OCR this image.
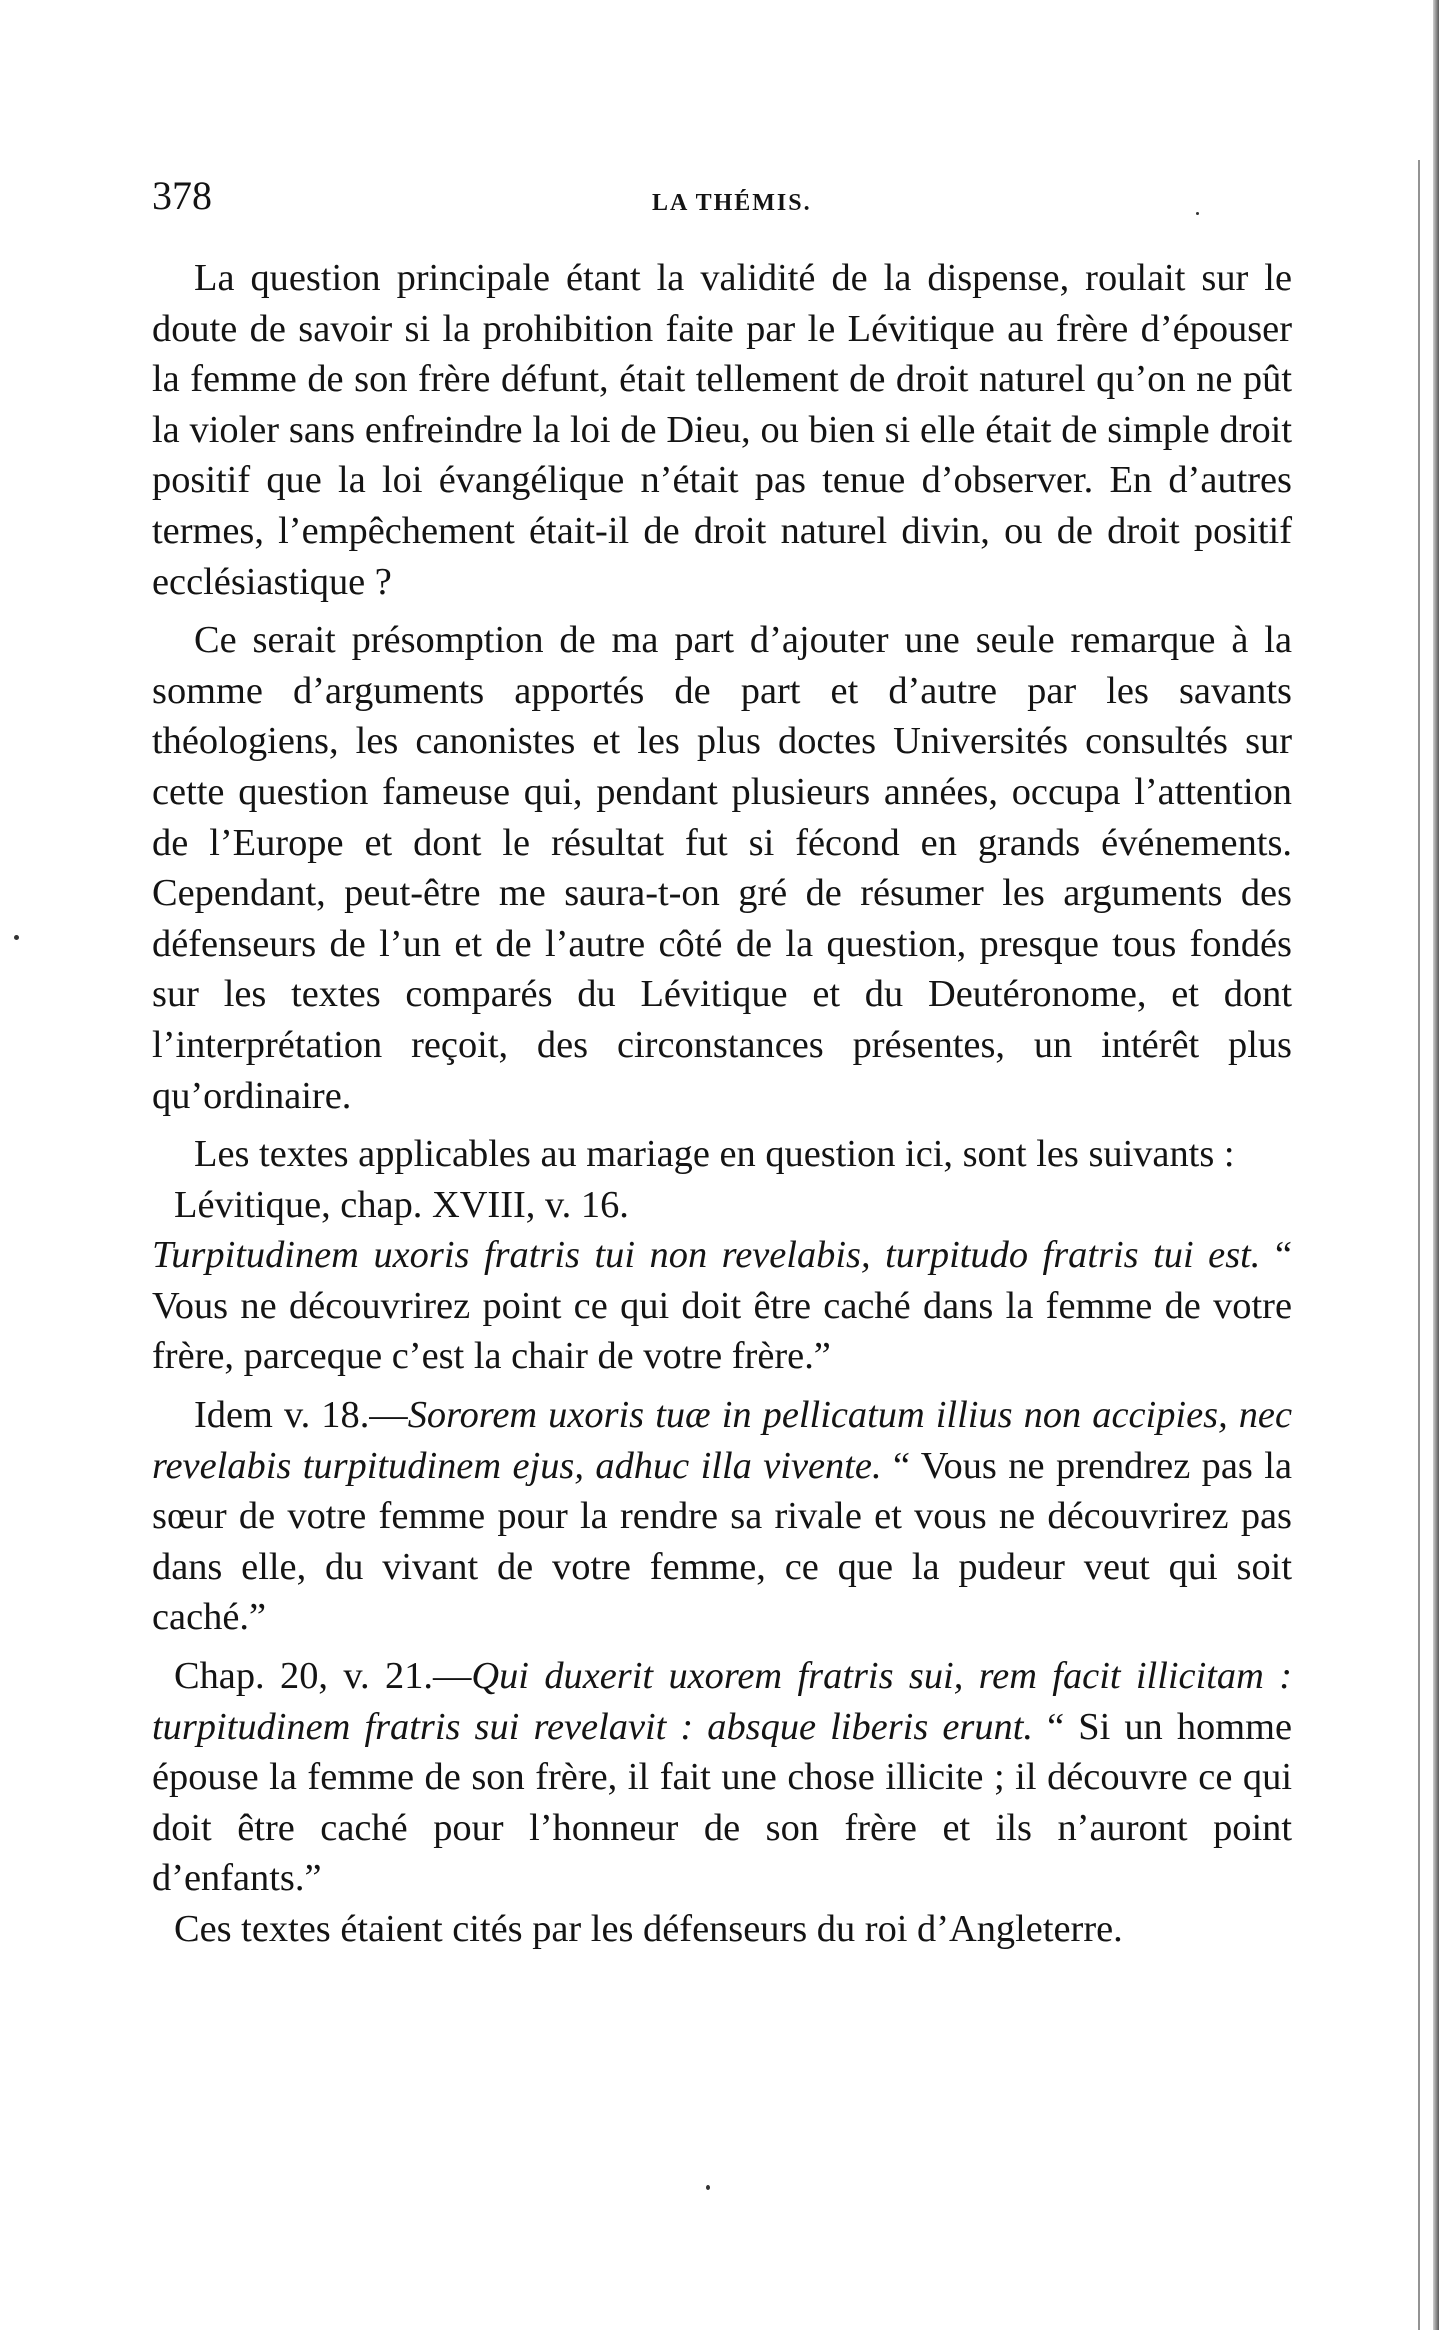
378	LA THÉMIS.

La question principale étant la validité de la dispense, roulait sur le doute de savoir si la prohibition faite par le Lévitique au frère d’épouser la femme de son frère défunt, était tellement de droit naturel qu’on ne pût la violer sans enfreindre la loi de Dieu, ou bien si elle était de simple droit positif que la loi évangélique n’était pas tenue d’observer. En d’autres termes, l’empêchement était-il de droit naturel divin, ou de droit positif ecclésiastique ?

Ce serait présomption de ma part d’ajouter une seule remarque à la somme d’arguments apportés de part et d’autre par les savants théologiens, les canonistes et les plus doctes Universités consultés sur cette question fameuse qui, pendant plusieurs années, occupa l’attention de l’Europe et dont le résultat fut si fécond en grands événements. Cependant, peut-être me saura-t-on gré de résumer les arguments des défenseurs de l’un et de l’autre côté de la question, presque tous fondés sur les textes comparés du Lévitique et du Deutéronome, et dont l’interprétation reçoit, des circonstances présentes, un intérêt plus qu’ordinaire.

Les textes applicables au mariage en question ici, sont les suivants :

Lévitique, chap. XVIII, v. 16.

Turpitudinem uxoris fratris tui non revelabis, turpitudo fratris tui est. “ Vous ne découvrirez point ce qui doit être caché dans la femme de votre frère, parceque c’est la chair de votre frère.”

Idem v. 18.—Sororem uxoris tuæ in pellicatum illius non accipies, nec revelabis turpitudinem ejus, adhuc illa vivente. “ Vous ne prendrez pas la sœur de votre femme pour la rendre sa rivale et vous ne découvrirez pas dans elle, du vivant de votre femme, ce que la pudeur veut qui soit caché.”

Chap. 20, v. 21.—Qui duxerit uxorem fratris sui, rem facit illicitam : turpitudinem fratris sui revelavit : absque liberis erunt. “ Si un homme épouse la femme de son frère, il fait une chose illicite ; il découvre ce qui doit être caché pour l’honneur de son frère et ils n’auront point d’enfants.”

Ces textes étaient cités par les défenseurs du roi d’Angleterre.
